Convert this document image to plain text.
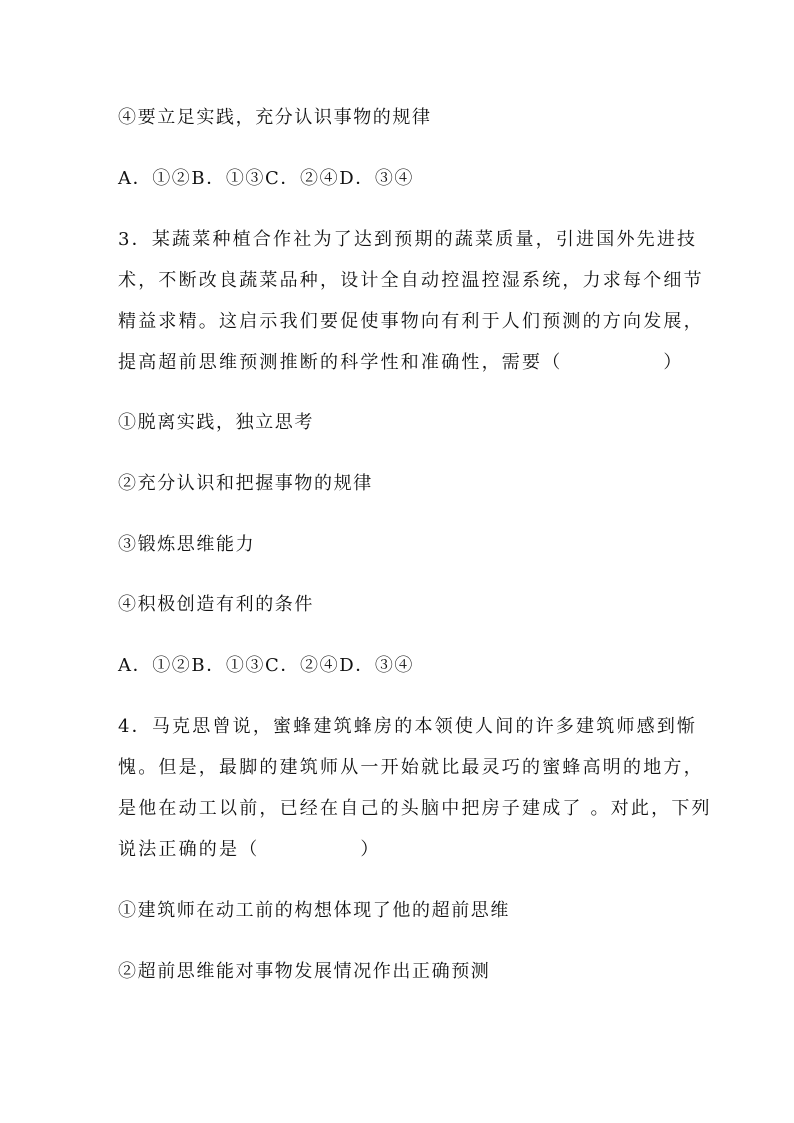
④要立足实践，充分认识事物的规律
A．①②B．①③C．②④D．③④
3．某蔬菜种植合作社为了达到预期的蔬菜质量，引进国外先进技
术，不断改良蔬菜品种，设计全自动控温控湿系统，力求每个细节
精益求精。这启示我们要促使事物向有利于人们预测的方向发展，
提高超前思维预测推断的科学性和准确性，需要（　　　　　）
①脱离实践，独立思考
②充分认识和把握事物的规律
③锻炼思维能力
④积极创造有利的条件
A．①②B．①③C．②④D．③④
4．马克思曾说，蜜蜂建筑蜂房的本领使人间的许多建筑师感到惭
愧。但是，最脚的建筑师从一开始就比最灵巧的蜜蜂高明的地方，
是他在动工以前，已经在自己的头脑中把房子建成了 。对此，下列
说法正确的是（　　　　　）
①建筑师在动工前的构想体现了他的超前思维
②超前思维能对事物发展情况作出正确预测
